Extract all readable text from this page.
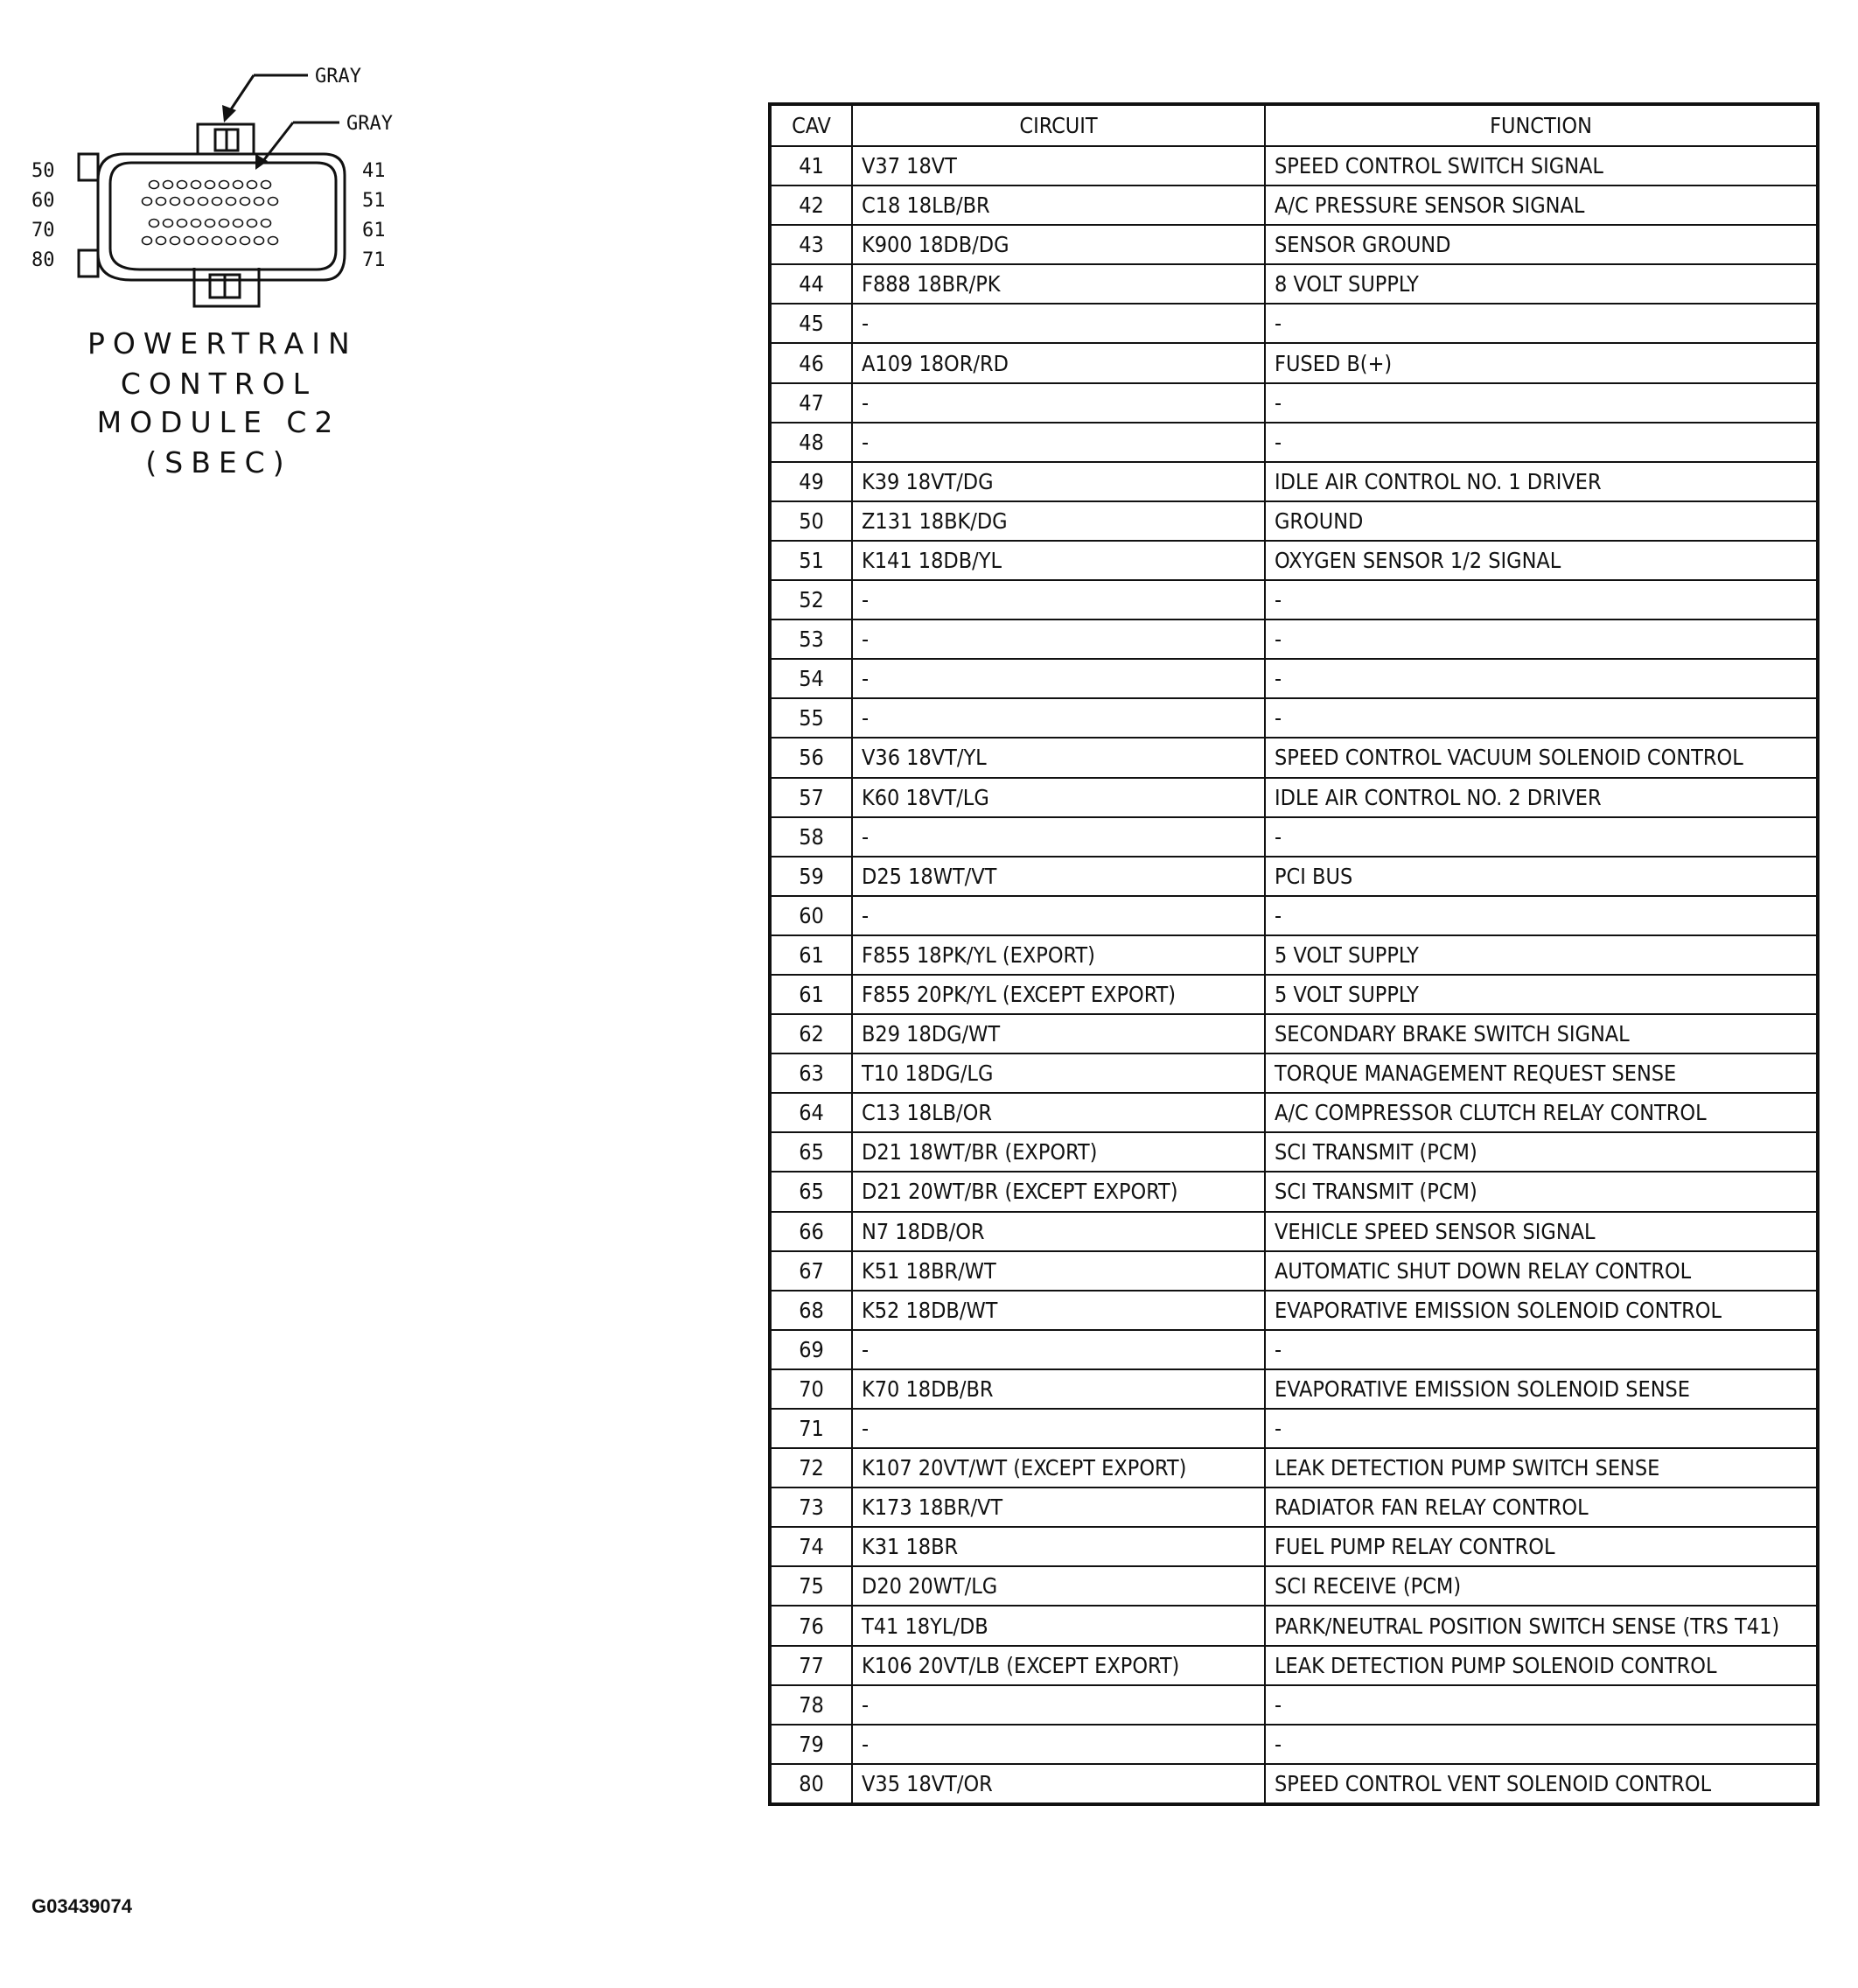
GRAY
GRAY
50
60
70
80
41
51
61
71
POWERTRAIN
CONTROL
MODULE C2
(SBEC)
G03439074
CAV	CIRCUIT	FUNCTION
41	V37 18VT	SPEED CONTROL SWITCH SIGNAL
42	C18 18LB/BR	A/C PRESSURE SENSOR SIGNAL
43	K900 18DB/DG	SENSOR GROUND
44	F888 18BR/PK	8 VOLT SUPPLY
45	-	-
46	A109 18OR/RD	FUSED B(+)
47	-	-
48	-	-
49	K39 18VT/DG	IDLE AIR CONTROL NO. 1 DRIVER
50	Z131 18BK/DG	GROUND
51	K141 18DB/YL	OXYGEN SENSOR 1/2 SIGNAL
52	-	-
53	-	-
54	-	-
55	-	-
56	V36 18VT/YL	SPEED CONTROL VACUUM SOLENOID CONTROL
57	K60 18VT/LG	IDLE AIR CONTROL NO. 2 DRIVER
58	-	-
59	D25 18WT/VT	PCI BUS
60	-	-
61	F855 18PK/YL (EXPORT)	5 VOLT SUPPLY
61	F855 20PK/YL (EXCEPT EXPORT)	5 VOLT SUPPLY
62	B29 18DG/WT	SECONDARY BRAKE SWITCH SIGNAL
63	T10 18DG/LG	TORQUE MANAGEMENT REQUEST SENSE
64	C13 18LB/OR	A/C COMPRESSOR CLUTCH RELAY CONTROL
65	D21 18WT/BR (EXPORT)	SCI TRANSMIT (PCM)
65	D21 20WT/BR (EXCEPT EXPORT)	SCI TRANSMIT (PCM)
66	N7 18DB/OR	VEHICLE SPEED SENSOR SIGNAL
67	K51 18BR/WT	AUTOMATIC SHUT DOWN RELAY CONTROL
68	K52 18DB/WT	EVAPORATIVE EMISSION SOLENOID CONTROL
69	-	-
70	K70 18DB/BR	EVAPORATIVE EMISSION SOLENOID SENSE
71	-	-
72	K107 20VT/WT (EXCEPT EXPORT)	LEAK DETECTION PUMP SWITCH SENSE
73	K173 18BR/VT	RADIATOR FAN RELAY CONTROL
74	K31 18BR	FUEL PUMP RELAY CONTROL
75	D20 20WT/LG	SCI RECEIVE (PCM)
76	T41 18YL/DB	PARK/NEUTRAL POSITION SWITCH SENSE (TRS T41)
77	K106 20VT/LB (EXCEPT EXPORT)	LEAK DETECTION PUMP SOLENOID CONTROL
78	-	-
79	-	-
80	V35 18VT/OR	SPEED CONTROL VENT SOLENOID CONTROL
